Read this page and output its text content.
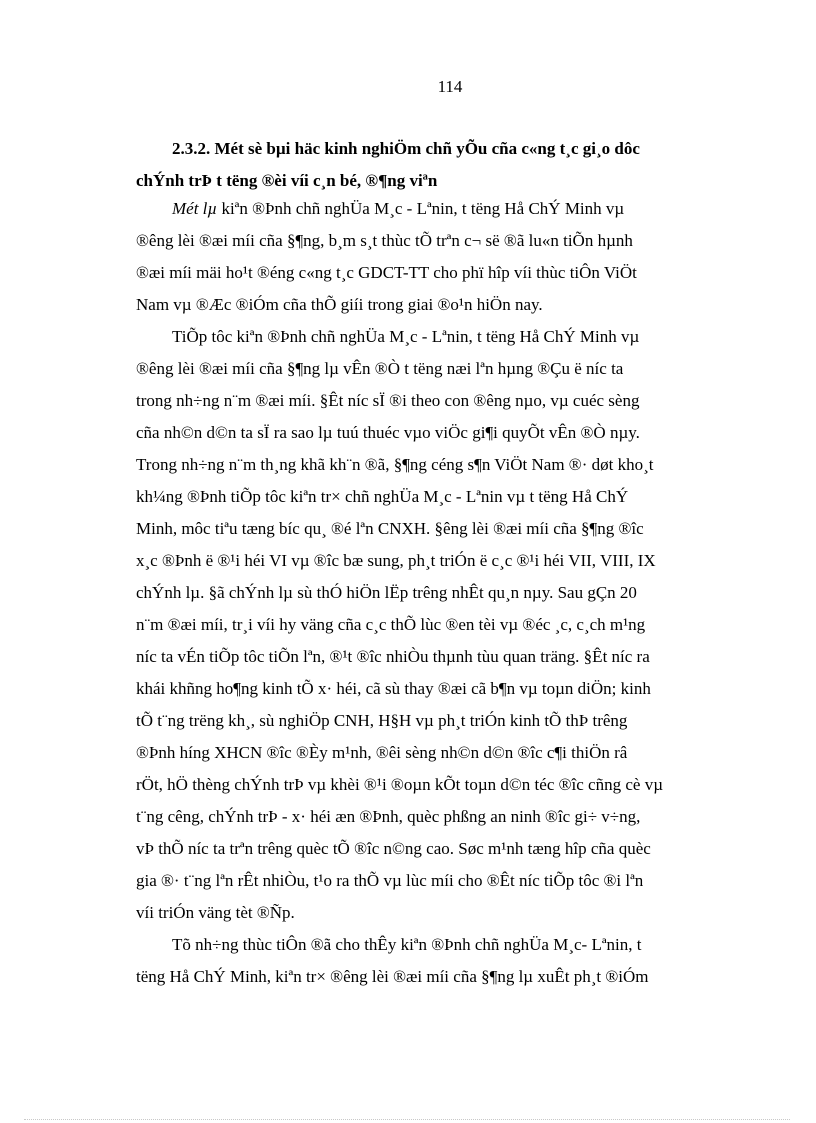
114
2.3.2. Mét sè bµi häc kinh nghiÖm chñ yÕu cña c«ng t¸c gi¸o dôc
chÝnh trÞ t tëng ®èi víi c¸n bé, ®¶ng viªn
Mét lµ kiªn ®Þnh chñ nghÜa M¸c - Lªnin, t tëng Hå ChÝ Minh vµ
®êng lèi ®æi míi cña §¶ng, b¸m s¸t thùc tÕ trªn c¬ së ®ã lu«n tiÕn hµnh
®æi míi mäi ho¹t ®éng c«ng t¸c GDCT-TT cho phï hîp víi thùc tiÔn ViÖt
Nam vµ ®Æc ®iÓm cña thÕ giíi trong giai ®o¹n hiÖn nay.
TiÕp tôc kiªn ®Þnh chñ nghÜa M¸c - Lªnin, t tëng Hå ChÝ Minh vµ
®êng lèi ®æi míi cña §¶ng lµ vÊn ®Ò t tëng næi lªn hµng ®Çu ë níc ta
trong nh÷ng n¨m ®æi míi. §Êt níc sÏ ®i theo con ®êng nµo, vµ cuéc sèng
cña nh©n d©n ta sÏ ra sao lµ tuú thuéc vµo viÖc gi¶i quyÕt vÊn ®Ò nµy.
Trong nh÷ng n¨m th¸ng khã kh¨n ®ã, §¶ng céng s¶n ViÖt Nam ®· døt kho¸t
kh¼ng ®Þnh tiÕp tôc kiªn tr× chñ nghÜa M¸c - Lªnin vµ t tëng Hå ChÝ
Minh, môc tiªu tæng bíc qu¸ ®é lªn CNXH. §êng lèi ®æi míi cña §¶ng ®îc
x¸c ®Þnh ë ®¹i héi VI vµ ®îc bæ sung, ph¸t triÓn ë c¸c ®¹i héi VII, VIII, IX
chÝnh lµ. §ã chÝnh lµ sù thÓ hiÖn lËp trêng nhÊt qu¸n nµy. Sau gÇn 20
n¨m ®æi míi, tr¸i víi hy väng cña c¸c thÕ lùc ®en tèi vµ ®éc ¸c, c¸ch m¹ng
níc ta vÉn tiÕp tôc tiÕn lªn, ®¹t ®îc nhiÒu thµnh tùu quan träng. §Êt níc ra
khái khñng ho¶ng kinh tÕ x· héi, cã sù thay ®æi cã b¶n vµ toµn diÖn; kinh
tÕ t¨ng trëng kh¸, sù nghiÖp CNH, H§H vµ ph¸t triÓn kinh tÕ thÞ trêng
®Þnh híng XHCN ®îc ®Èy m¹nh, ®êi sèng nh©n d©n ®îc c¶i thiÖn râ
rÖt, hÖ thèng chÝnh trÞ vµ khèi ®¹i ®oµn kÕt toµn d©n téc ®îc cñng cè vµ
t¨ng cêng, chÝnh trÞ - x· héi æn ®Þnh, quèc phßng an ninh ®îc gi÷ v÷ng,
vÞ thÕ níc ta trªn trêng quèc tÕ ®îc n©ng cao. Søc m¹nh tæng hîp cña quèc
gia ®· t¨ng lªn rÊt nhiÒu, t¹o ra thÕ vµ lùc míi cho ®Êt níc tiÕp tôc ®i lªn
víi triÓn väng tèt ®Ñp.
Tõ nh÷ng thùc tiÔn ®ã cho thÊy kiªn ®Þnh chñ nghÜa M¸c- Lªnin, t
tëng Hå ChÝ Minh, kiªn tr× ®êng lèi ®æi míi cña §¶ng lµ xuÊt ph¸t ®iÓm
